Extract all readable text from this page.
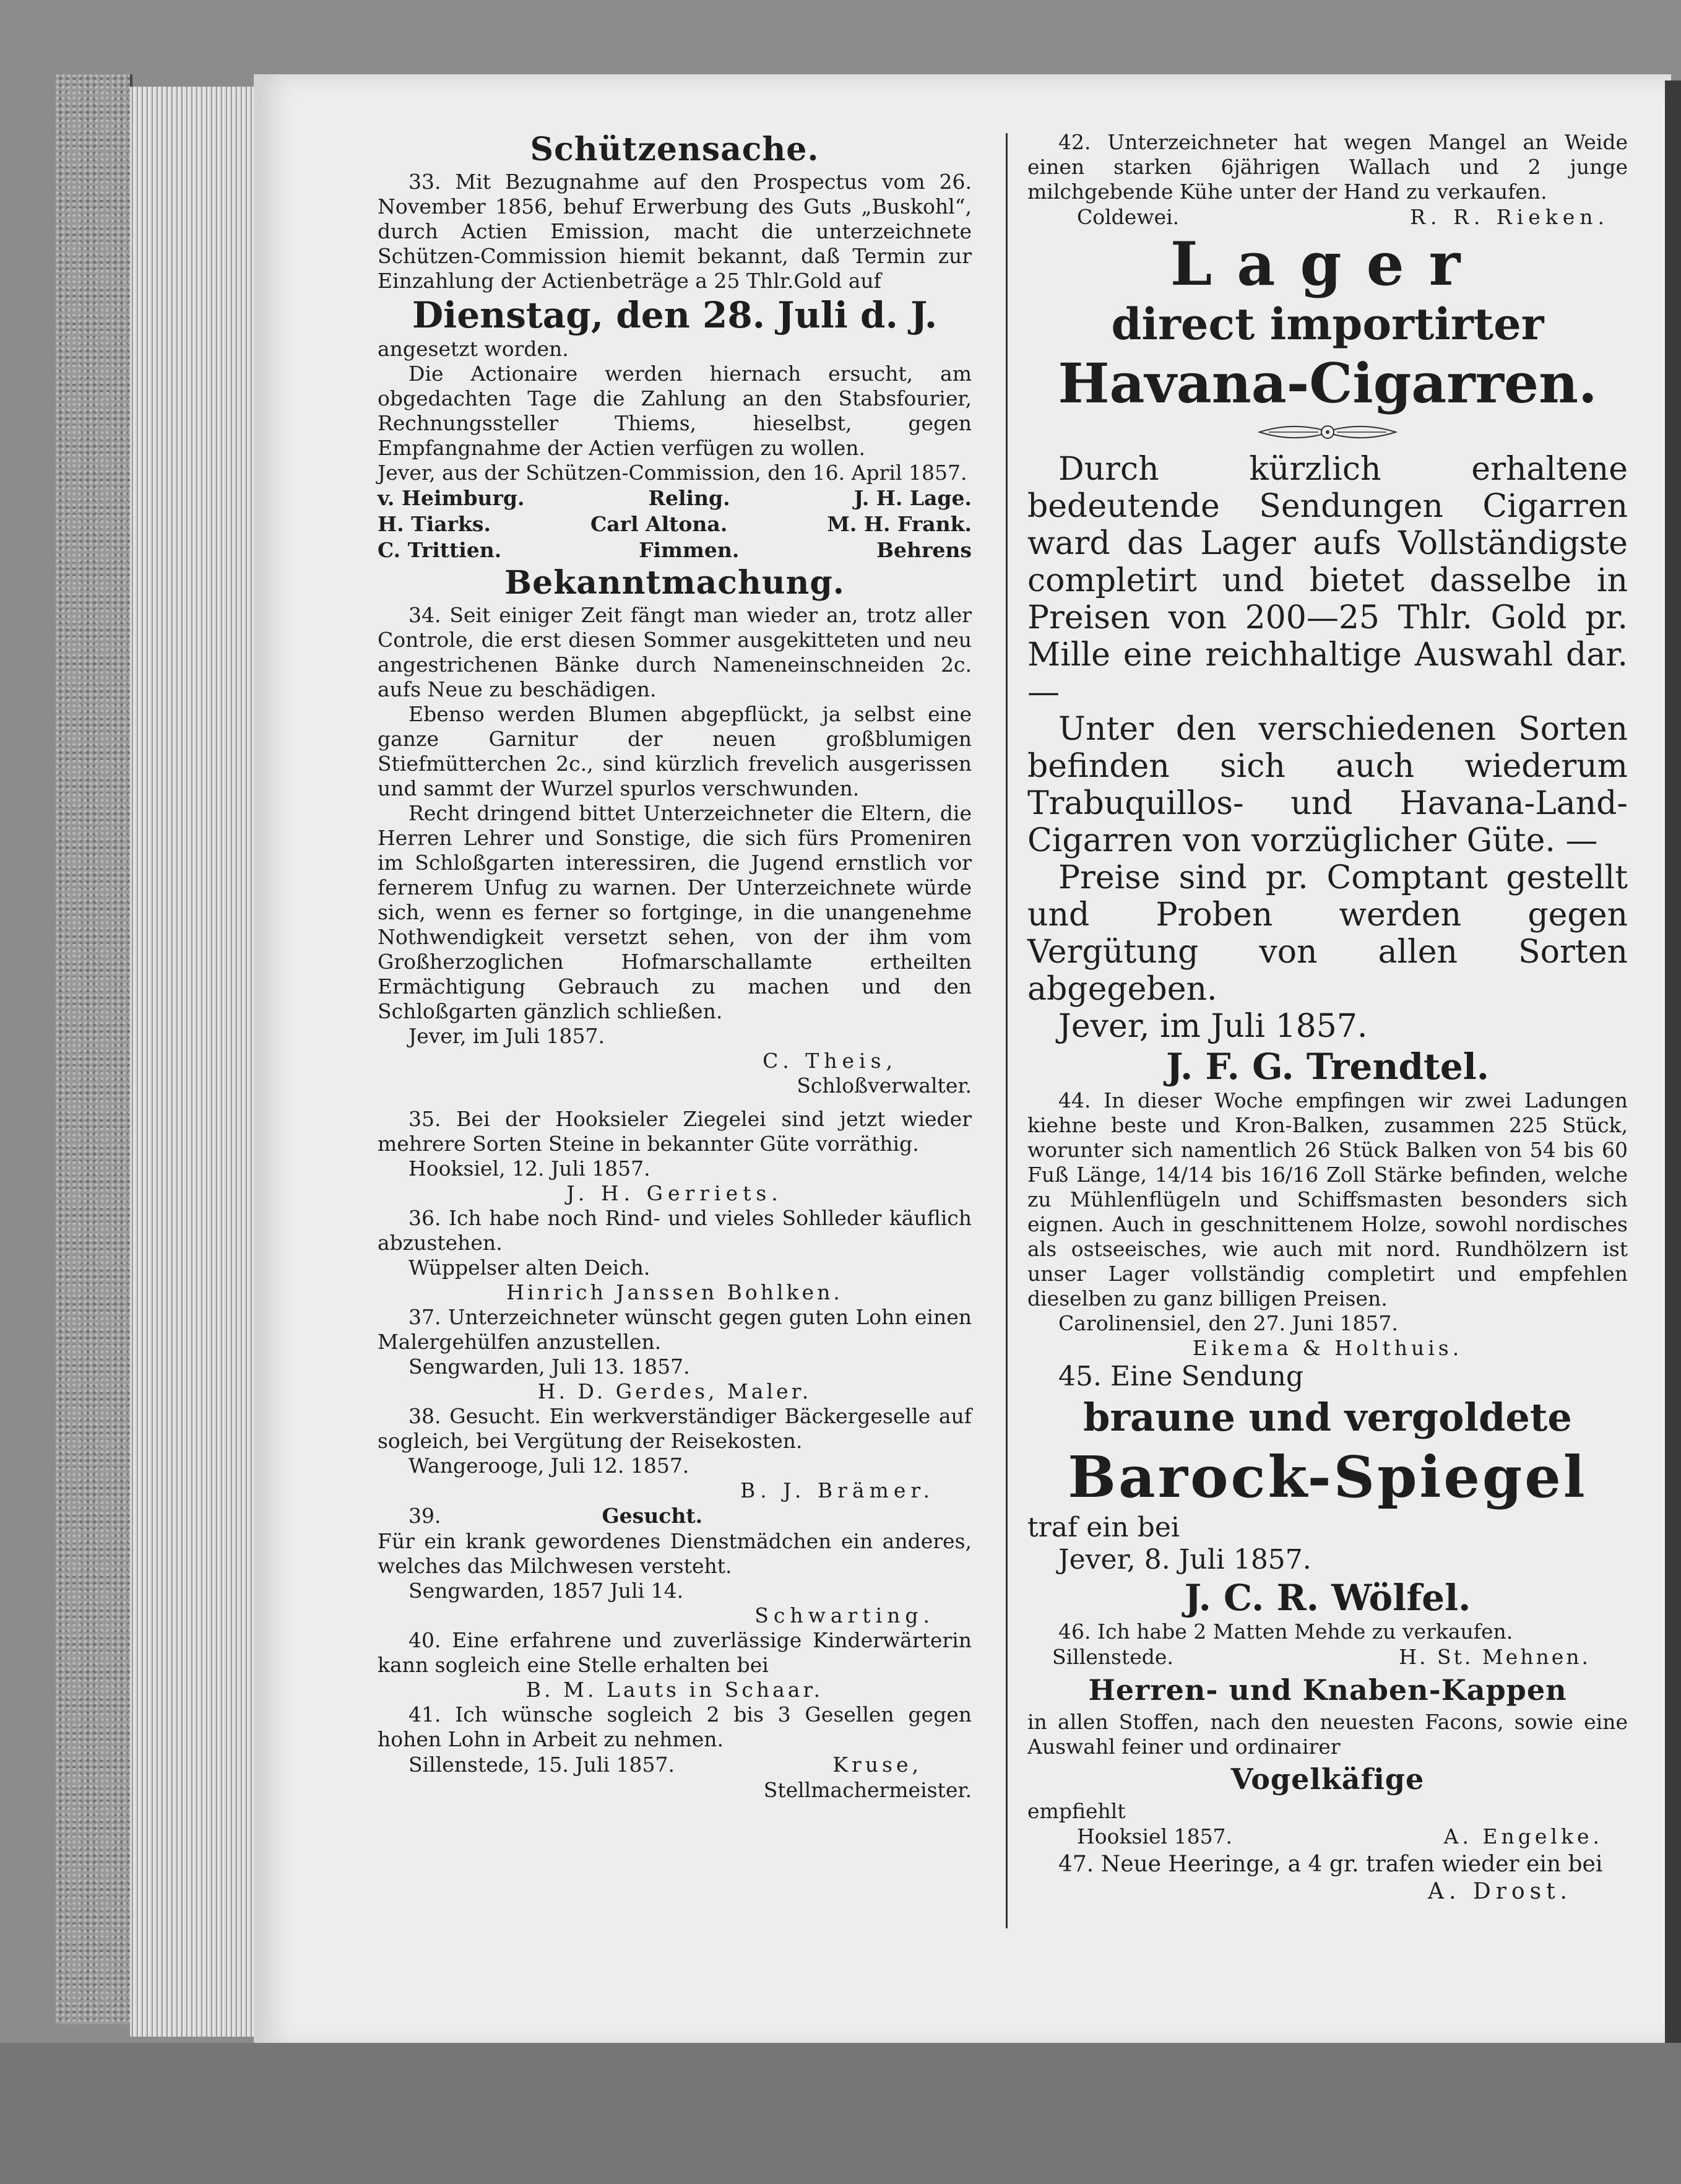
Schützensache.

33. Mit Bezugnahme auf den Prospectus vom 26. November 1856, behuf Erwerbung des Guts „Buskohl“, durch Actien Emission, macht die unterzeichnete Schützen-Commission hiemit bekannt, daß Termin zur Einzahlung der Actienbeträge a 25 Thlr.Gold auf

Dienstag, den 28. Juli d. J.

angesetzt worden.

Die Actionaire werden hiernach ersucht, am obgedachten Tage die Zahlung an den Stabsfourier, Rechnungssteller Thiems, hieselbst, gegen Empfangnahme der Actien verfügen zu wollen.

Jever, aus der Schützen-Commission, den 16. April 1857.

v. Heimburg.	Reling.	J. H. Lage.
H. Tiarks.	Carl Altona.	M. H. Frank.
C. Trittien.	Fimmen.	Behrens

Bekanntmachung.

34. Seit einiger Zeit fängt man wieder an, trotz aller Controle, die erst diesen Sommer ausgekitteten und neu angestrichenen Bänke durch Nameneinschneiden 2c. aufs Neue zu beschädigen.

Ebenso werden Blumen abgepflückt, ja selbst eine ganze Garnitur der neuen großblumigen Stiefmütterchen 2c., sind kürzlich frevelich ausgerissen und sammt der Wurzel spurlos verschwunden.

Recht dringend bittet Unterzeichneter die Eltern, die Herren Lehrer und Sonstige, die sich fürs Promeniren im Schloßgarten interessiren, die Jugend ernstlich vor fernerem Unfug zu warnen. Der Unterzeichnete würde sich, wenn es ferner so fortginge, in die unangenehme Nothwendigkeit versetzt sehen, von der ihm vom Großherzoglichen Hofmarschallamte ertheilten Ermächtigung Gebrauch zu machen und den Schloßgarten gänzlich schließen.

Jever, im Juli 1857.

C. Theis,

Schloßverwalter.

35. Bei der Hooksieler Ziegelei sind jetzt wieder mehrere Sorten Steine in bekannter Güte vorräthig.

Hooksiel, 12. Juli 1857.

J. H. Gerriets.

36. Ich habe noch Rind- und vieles Sohlleder käuflich abzustehen.

Wüppelser alten Deich.

Hinrich Janssen Bohlken.

37. Unterzeichneter wünscht gegen guten Lohn einen Malergehülfen anzustellen.

Sengwarden, Juli 13. 1857.

H. D. Gerdes, Maler.

38. Gesucht. Ein werkverständiger Bäckergeselle auf sogleich, bei Vergütung der Reisekosten.

Wangerooge, Juli 12. 1857.

B. J. Brämer.

39.	Gesucht.

Für ein krank gewordenes Dienstmädchen ein anderes, welches das Milchwesen versteht.

Sengwarden, 1857 Juli 14.

Schwarting.

40. Eine erfahrene und zuverlässige Kinderwärterin kann sogleich eine Stelle erhalten bei

B. M. Lauts in Schaar.

41. Ich wünsche sogleich 2 bis 3 Gesellen gegen hohen Lohn in Arbeit zu nehmen.

Sillenstede, 15. Juli 1857.	Kruse,

Stellmachermeister.

42. Unterzeichneter hat wegen Mangel an Weide einen starken 6jährigen Wallach und 2 junge milchgebende Kühe unter der Hand zu verkaufen.

Coldewei.	R. R. Rieken.

Lager

direct importirter

Havana-Cigarren.

Durch kürzlich erhaltene bedeutende Sendungen Cigarren ward das Lager aufs Vollständigste completirt und bietet dasselbe in Preisen von 200—25 Thlr. Gold pr. Mille eine reichhaltige Auswahl dar. —

Unter den verschiedenen Sorten befinden sich auch wiederum Trabuquillos- und Havana-Land-Cigarren von vorzüglicher Güte. —

Preise sind pr. Comptant gestellt und Proben werden gegen Vergütung von allen Sorten abgegeben.

Jever, im Juli 1857.

J. F. G. Trendtel.

44. In dieser Woche empfingen wir zwei Ladungen kiehne beste und Kron-Balken, zusammen 225 Stück, worunter sich namentlich 26 Stück Balken von 54 bis 60 Fuß Länge, 14/14 bis 16/16 Zoll Stärke befinden, welche zu Mühlenflügeln und Schiffsmasten besonders sich eignen. Auch in geschnittenem Holze, sowohl nordisches als ostseeisches, wie auch mit nord. Rundhölzern ist unser Lager vollständig completirt und empfehlen dieselben zu ganz billigen Preisen.

Carolinensiel, den 27. Juni 1857.

Eikema & Holthuis.

45. Eine Sendung

braune und vergoldete

Barock-Spiegel

traf ein bei

Jever, 8. Juli 1857.

J. C. R. Wölfel.

46. Ich habe 2 Matten Mehde zu verkaufen.

Sillenstede.	H. St. Mehnen.

Herren- und Knaben-Kappen

in allen Stoffen, nach den neuesten Facons, sowie eine Auswahl feiner und ordinairer

Vogelkäfige

empfiehlt

Hooksiel 1857.	A. Engelke.

47. Neue Heeringe, a 4 gr. trafen wieder ein bei

A. Drost.
